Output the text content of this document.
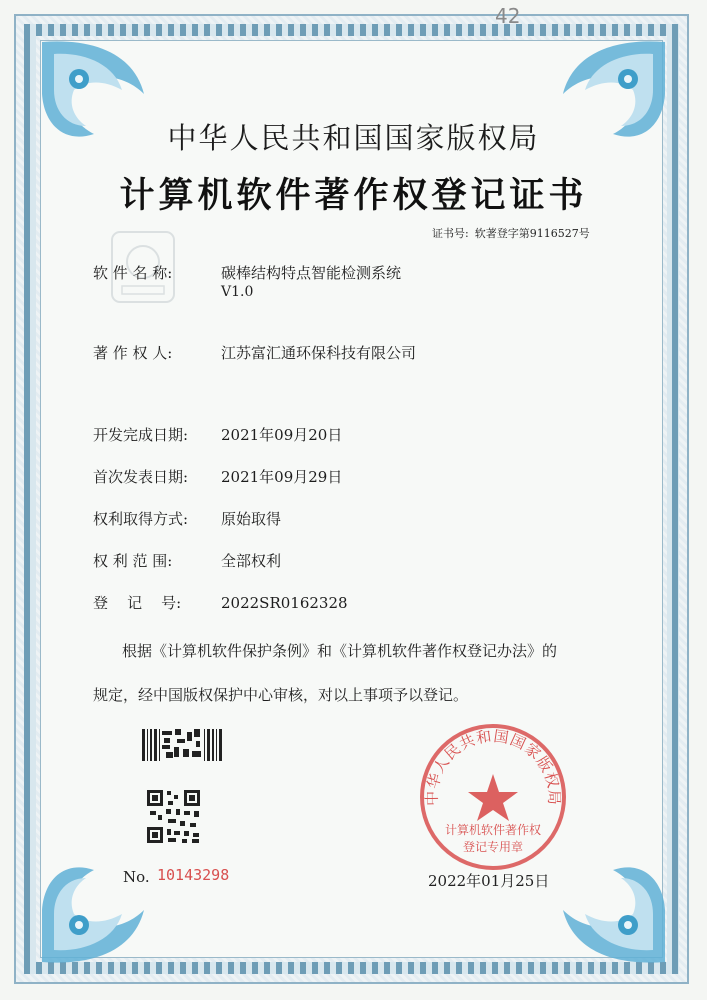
42
中华人民共和国国家版权局
计算机软件著作权登记证书
证书号: 软著登字第9116527号
软 件 名 称:	碳棒结构特点智能检测系统
V1.0
著 作 权 人:	江苏富汇通环保科技有限公司
开发完成日期: 2021年09月20日
首次发表日期: 2021年09月29日
权利取得方式: 原始取得
权 利 范 围:	全部权利
登    记    号:	2022SR0162328
根据《计算机软件保护条例》和《计算机软件著作权登记办法》的
规定，经中国版权保护中心审核，对以上事项予以登记。
No. 10143298
中华人民共和国国家版权局
计算机软件著作权
登记专用章
2022年01月25日
